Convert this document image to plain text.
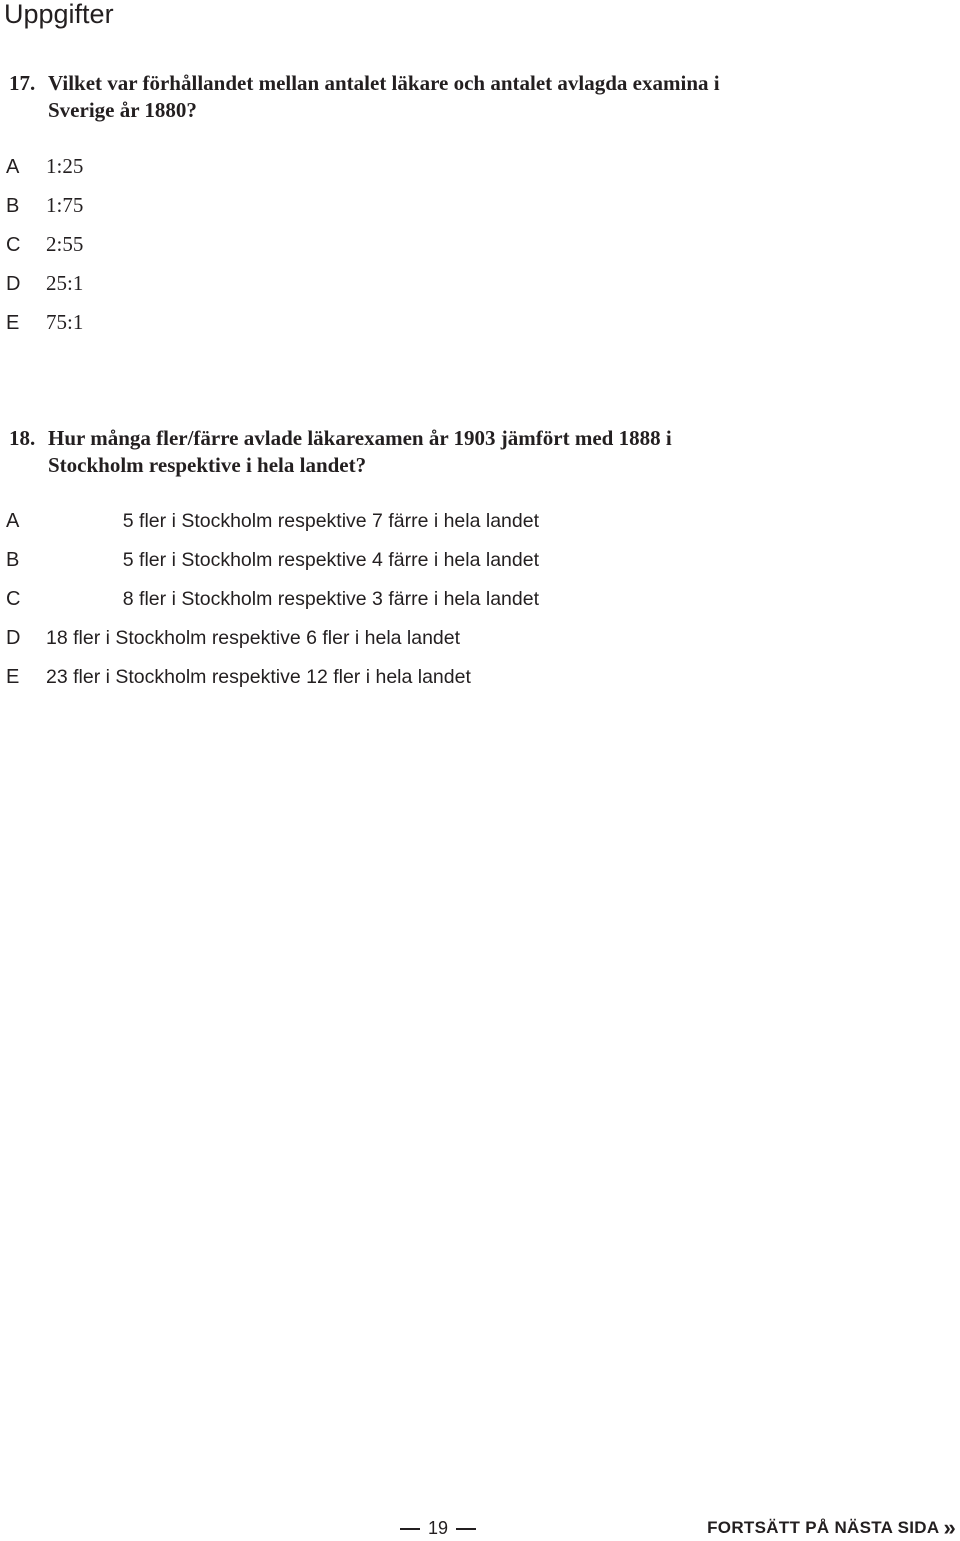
Uppgifter
17. Vilket var förhållandet mellan antalet läkare och antalet avlagda examina i Sverige år 1880?
A	1:25
B	1:75
C	2:55
D	25:1
E	75:1
18. Hur många fler/färre avlade läkarexamen år 1903 jämfört med 1888 i Stockholm respektive i hela landet?
A	5 fler i Stockholm respektive 7 färre i hela landet
B	5 fler i Stockholm respektive 4 färre i hela landet
C	8 fler i Stockholm respektive 3 färre i hela landet
D	18 fler i Stockholm respektive 6 fler i hela landet
E	23 fler i Stockholm respektive 12 fler i hela landet
19	FORTSÄTT PÅ NÄSTA SIDA »
